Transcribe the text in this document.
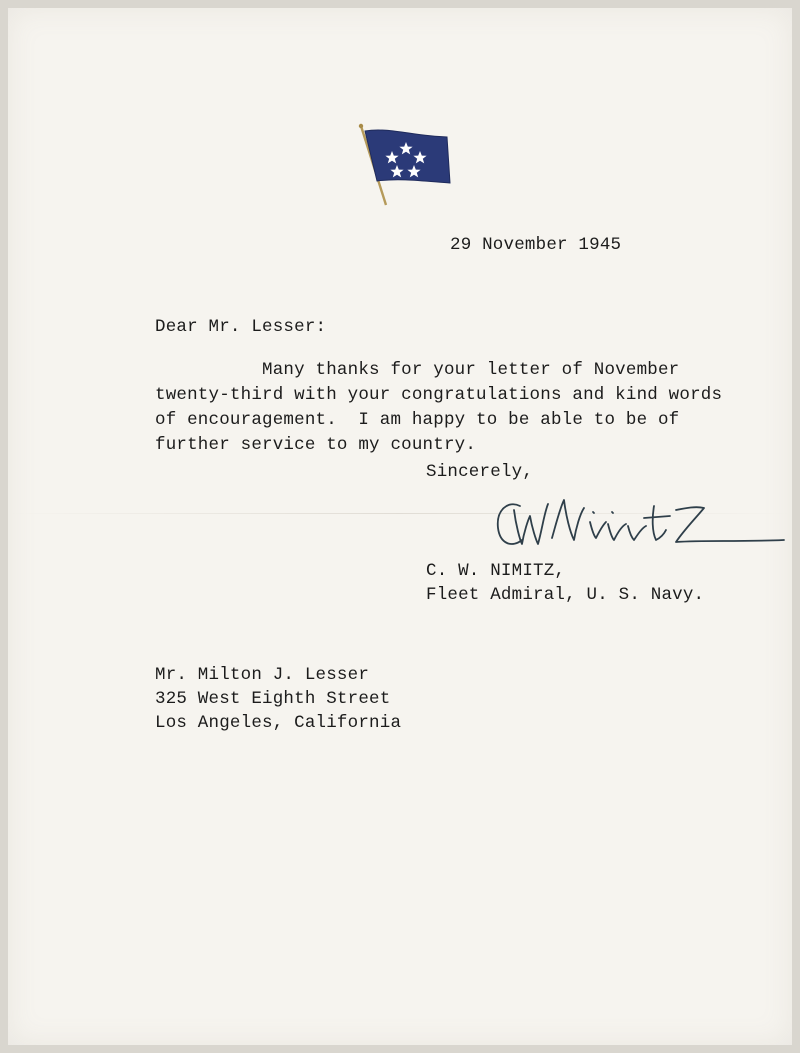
29 November 1945

Dear Mr. Lesser:

Many thanks for your letter of November

twenty-third with your congratulations and kind words

of encouragement.  I am happy to be able to be of

further service to my country.

Sincerely,

C. W. NIMITZ,

Fleet Admiral, U. S. Navy.

Mr. Milton J. Lesser

325 West Eighth Street

Los Angeles, California
